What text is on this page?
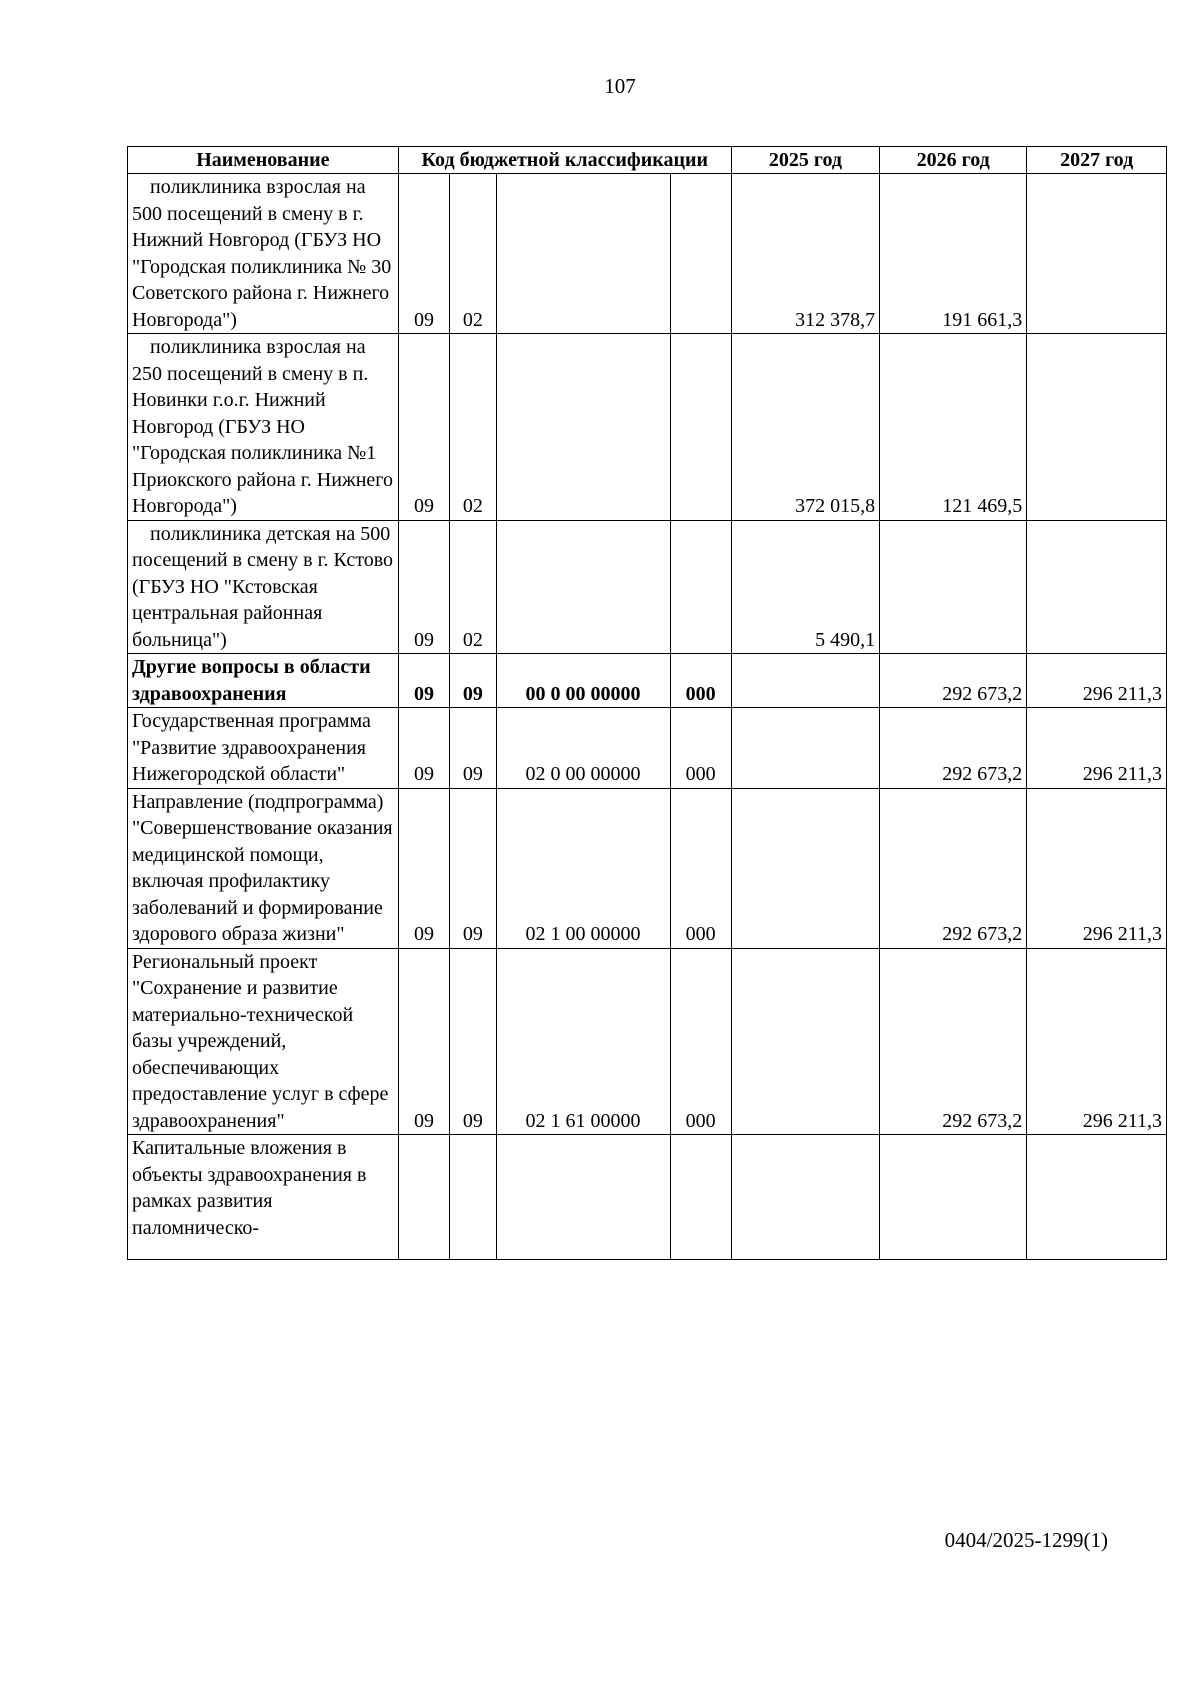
107
Наименование	Код бюджетной классификации				2025 год	2026 год	2027 год

поликлиника взрослая на 500 посещений в смену в г. Нижний Новгород (ГБУЗ НО "Городская поликлиника № 30 Советского района г. Нижнего Новгорода")	09	02			312 378,7	191 661,3	

поликлиника взрослая на 250 посещений в смену в п. Новинки г.о.г. Нижний Новгород (ГБУЗ НО "Городская поликлиника №1 Приокского района г. Нижнего Новгорода")	09	02			372 015,8	121 469,5	

поликлиника детская на 500 посещений в смену в г. Кстово (ГБУЗ НО "Кстовская центральная районная больница")	09	02			5 490,1		

Другие вопросы в области здравоохранения	09	09	00 0 00 00000	000		292 673,2	296 211,3

Государственная программа "Развитие здравоохранения Нижегородской области"	09	09	02 0 00 00000	000		292 673,2	296 211,3

Направление (подпрограмма) "Совершенствование оказания медицинской помощи, включая профилактику заболеваний и формирование здорового образа жизни"	09	09	02 1 00 00000	000		292 673,2	296 211,3

Региональный проект "Сохранение и развитие материально-технической базы учреждений, обеспечивающих предоставление услуг в сфере здравоохранения"	09	09	02 1 61 00000	000		292 673,2	296 211,3

Капитальные вложения в объекты здравоохранения в рамках развития паломническо-							

0404/2025-1299(1)
